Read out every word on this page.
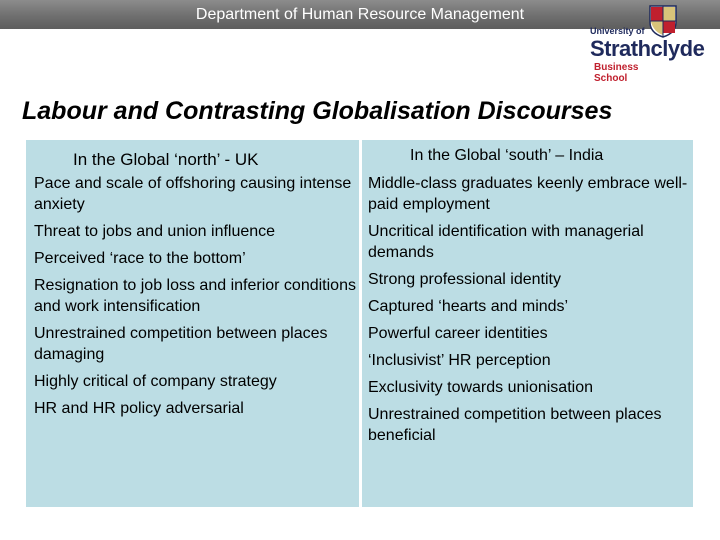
Department of Human Resource Management
University of
Strathclyde
Business
School
Labour and Contrasting Globalisation Discourses
In the Global ‘north’ - UK	In the Global ‘south’ – India
Pace and scale of offshoring causing intense anxiety
Threat to jobs and union influence
Perceived ‘race to the bottom’
Resignation to job loss and inferior conditions and work intensification
Unrestrained competition between places damaging
Highly critical of company strategy
HR and HR policy adversarial
Middle-class graduates keenly embrace well-paid employment
Uncritical identification with managerial demands
Strong professional identity
Captured ‘hearts and minds’
Powerful career identities
‘Inclusivist’ HR perception
Exclusivity towards unionisation
Unrestrained competition between places beneficial
